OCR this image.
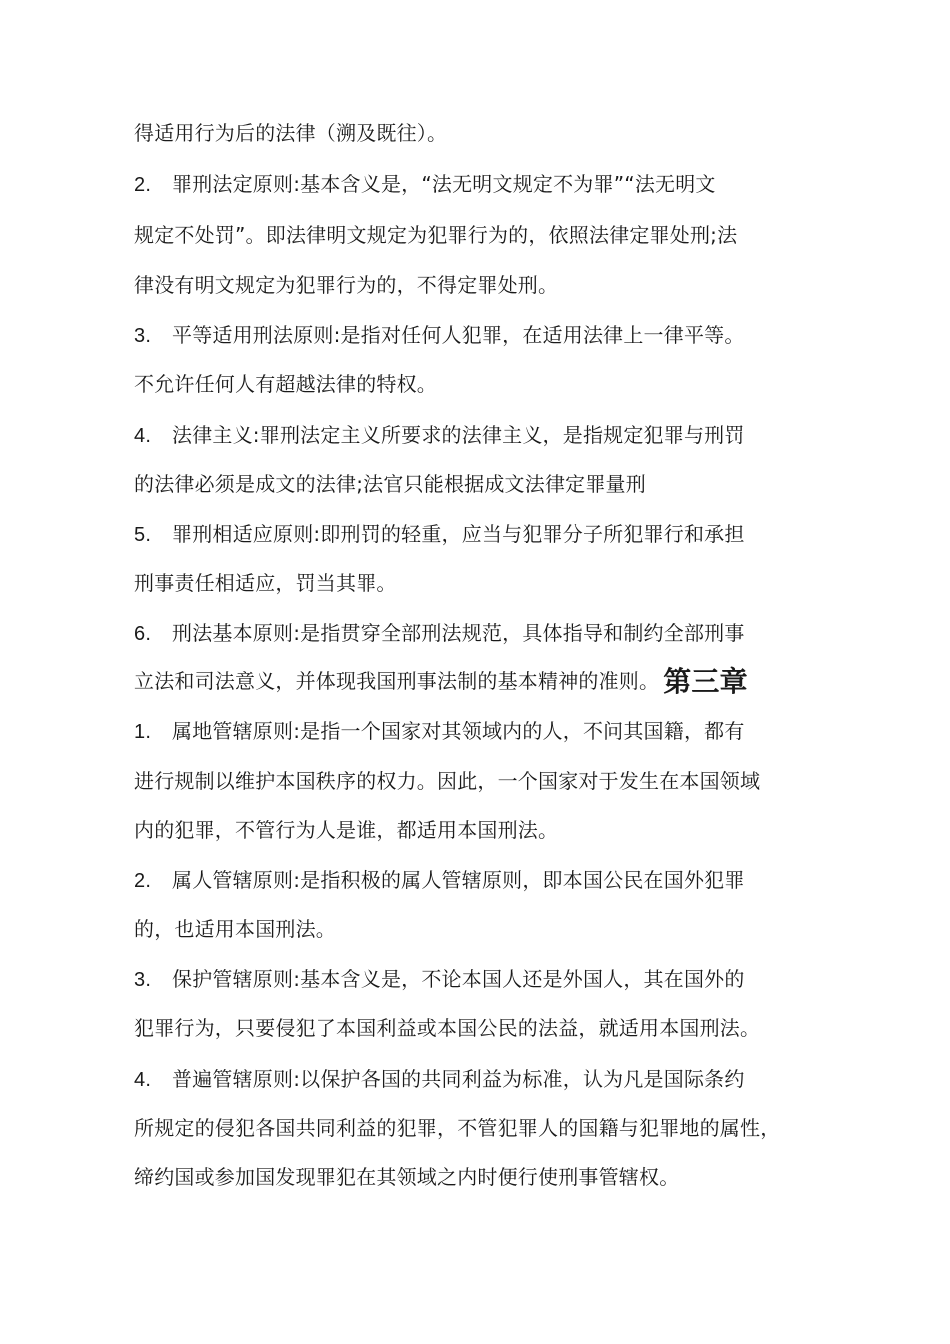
得适用行为后的法律（溯及既往）。
2. 罪刑法定原则:基本含义是，“法无明文规定不为罪”“法无明文
规定不处罚”。即法律明文规定为犯罪行为的，依照法律定罪处刑;法
律没有明文规定为犯罪行为的，不得定罪处刑。
3. 平等适用刑法原则:是指对任何人犯罪，在适用法律上一律平等。
不允许任何人有超越法律的特权。
4. 法律主义:罪刑法定主义所要求的法律主义，是指规定犯罪与刑罚
的法律必须是成文的法律;法官只能根据成文法律定罪量刑
5. 罪刑相适应原则:即刑罚的轻重，应当与犯罪分子所犯罪行和承担
刑事责任相适应，罚当其罪。
6. 刑法基本原则:是指贯穿全部刑法规范，具体指导和制约全部刑事
立法和司法意义，并体现我国刑事法制的基本精神的准则。 第三章
1. 属地管辖原则:是指一个国家对其领域内的人，不问其国籍，都有
进行规制以维护本国秩序的权力。因此，一个国家对于发生在本国领域
内的犯罪，不管行为人是谁，都适用本国刑法。
2. 属人管辖原则:是指积极的属人管辖原则，即本国公民在国外犯罪
的，也适用本国刑法。
3. 保护管辖原则:基本含义是，不论本国人还是外国人，其在国外的
犯罪行为，只要侵犯了本国利益或本国公民的法益，就适用本国刑法。
4. 普遍管辖原则:以保护各国的共同利益为标准，认为凡是国际条约
所规定的侵犯各国共同利益的犯罪，不管犯罪人的国籍与犯罪地的属性，
缔约国或参加国发现罪犯在其领域之内时便行使刑事管辖权。
